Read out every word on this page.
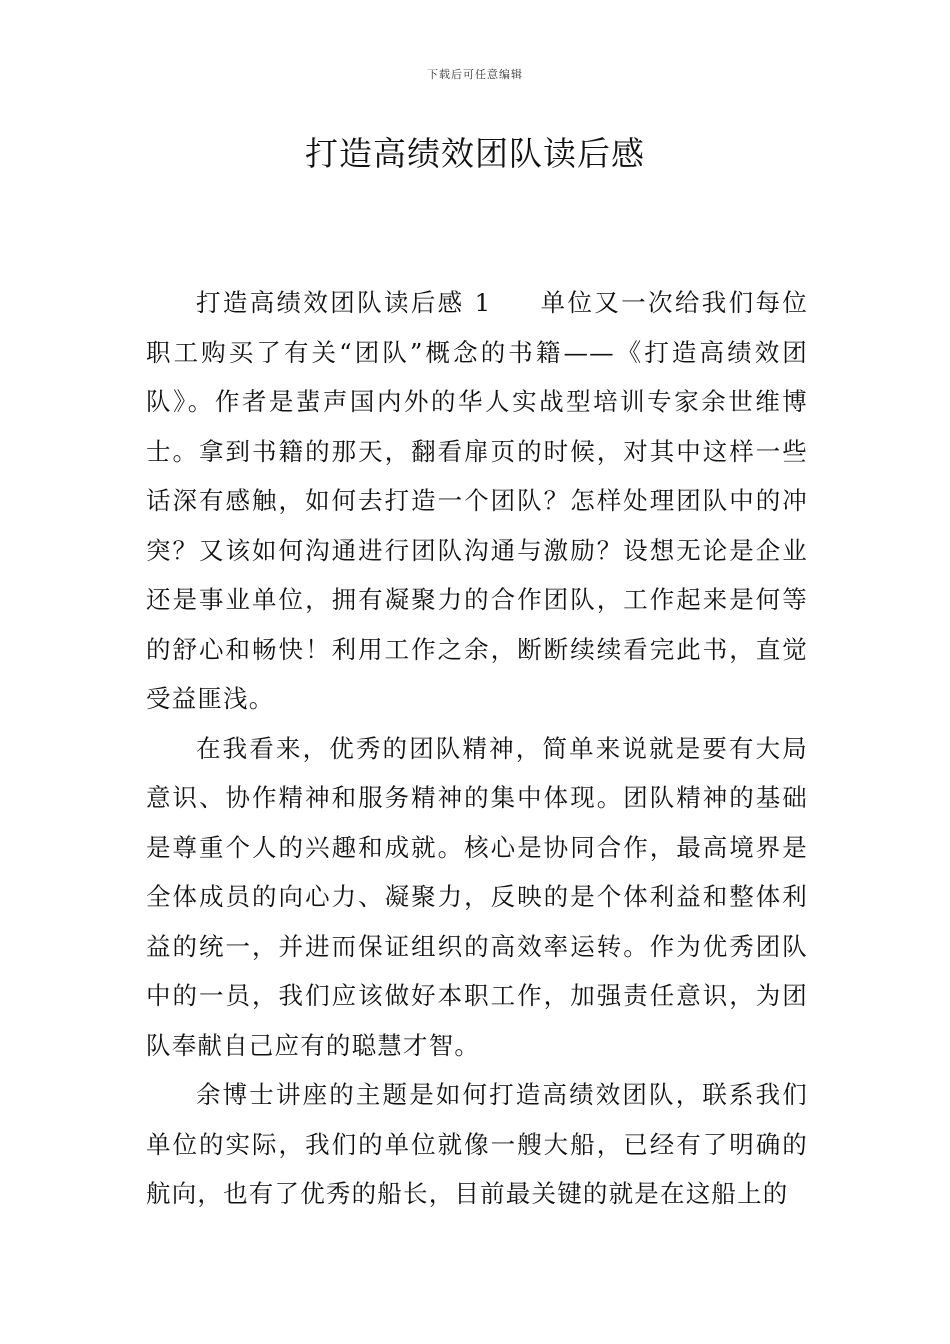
下载后可任意编辑
打造高绩效团队读后感

打造高绩效团队读后感 1 单位又一次给我们每位职工购买了有关“团队”概念的书籍——《打造高绩效团队》。作者是蜚声国内外的华人实战型培训专家余世维博士。拿到书籍的那天，翻看扉页的时候，对其中这样一些话深有感触，如何去打造一个团队？怎样处理团队中的冲突？又该如何沟通进行团队沟通与激励？设想无论是企业还是事业单位，拥有凝聚力的合作团队，工作起来是何等的舒心和畅快！利用工作之余，断断续续看完此书，直觉受益匪浅。

在我看来，优秀的团队精神，简单来说就是要有大局意识、协作精神和服务精神的集中体现。团队精神的基础是尊重个人的兴趣和成就。核心是协同合作，最高境界是全体成员的向心力、凝聚力，反映的是个体利益和整体利益的统一，并进而保证组织的高效率运转。作为优秀团队中的一员，我们应该做好本职工作，加强责任意识，为团队奉献自己应有的聪慧才智。

余博士讲座的主题是如何打造高绩效团队，联系我们单位的实际，我们的单位就像一艘大船，已经有了明确的航向，也有了优秀的船长，目前最关键的就是在这船上的
